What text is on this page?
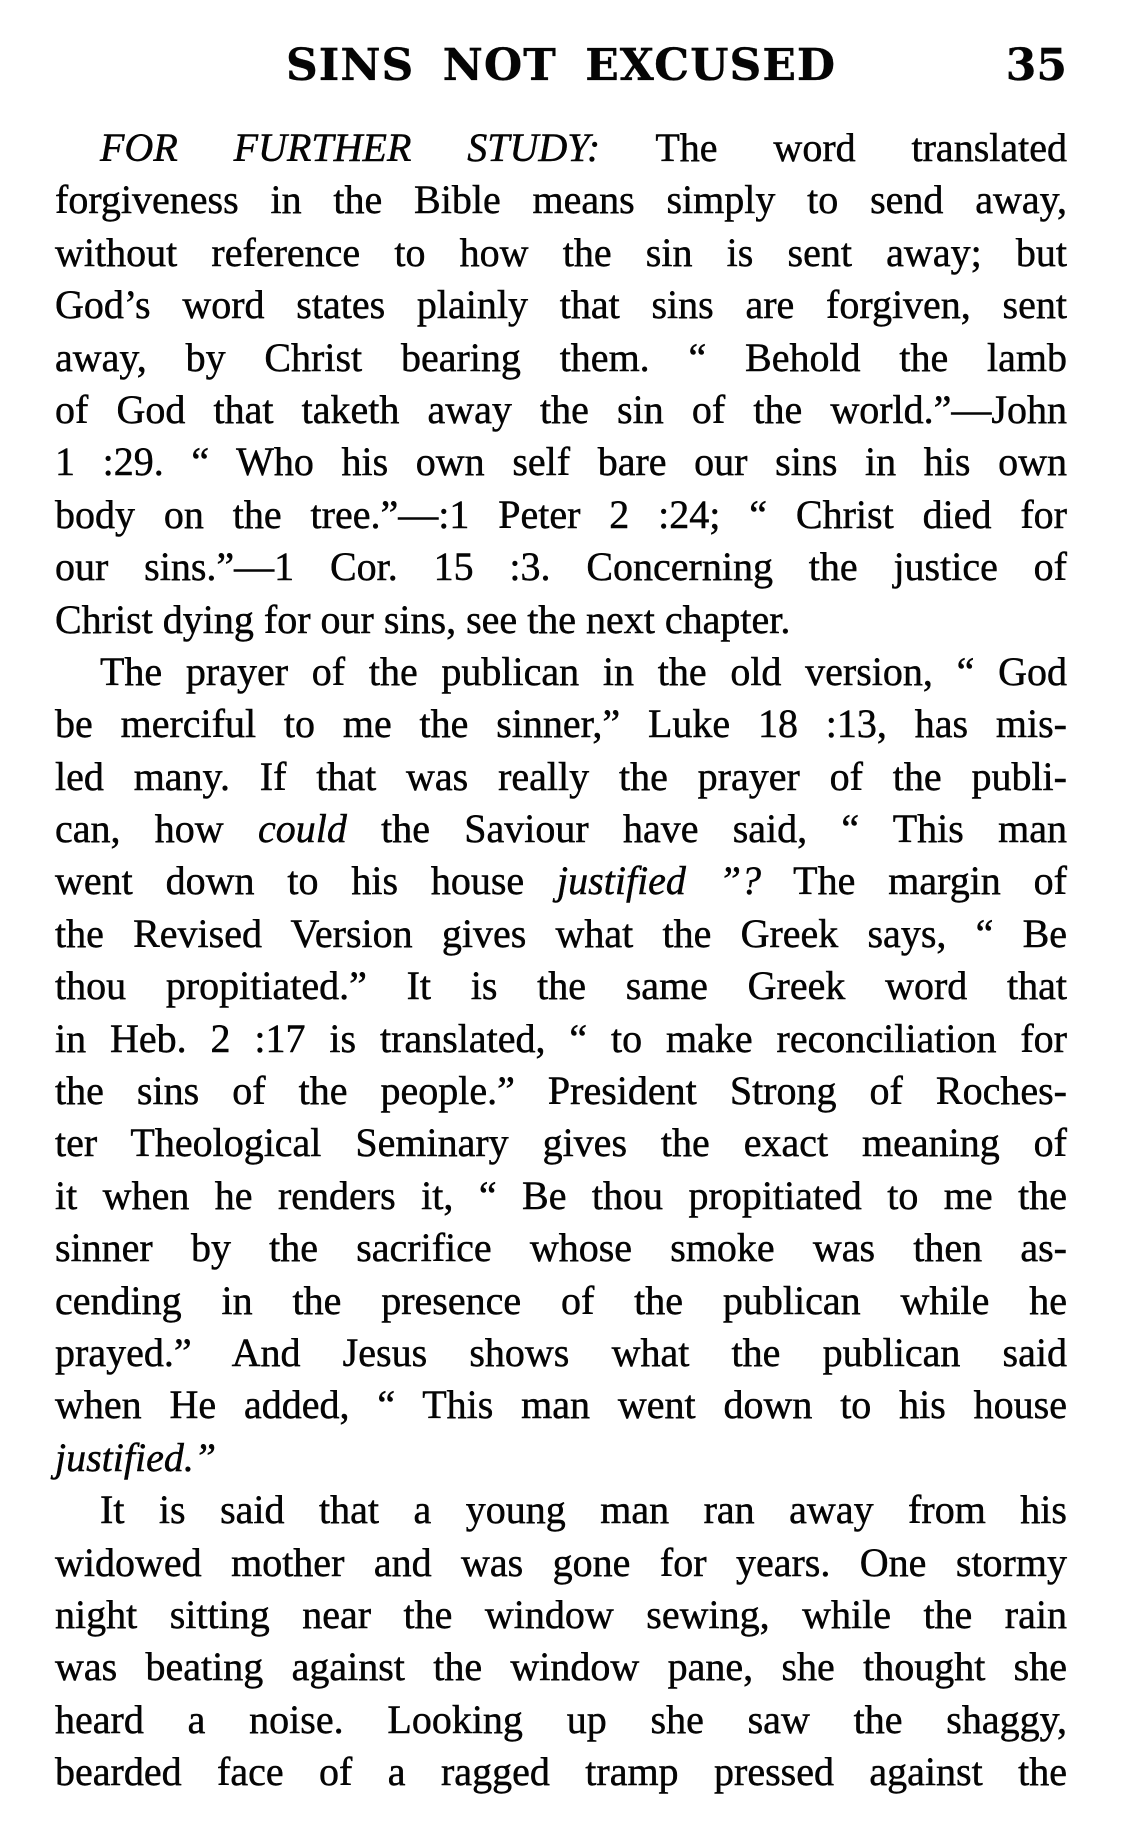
SINS NOT EXCUSED	35
FOR FURTHER STUDY: The word translated
forgiveness in the Bible means simply to send away,
without reference to how the sin is sent away; but
God’s word states plainly that sins are forgiven, sent
away, by Christ bearing them. “ Behold the lamb
of God that taketh away the sin of the world.”—John
1 :29. “ Who his own self bare our sins in his own
body on the tree.”—:1 Peter 2 :24; “ Christ died for
our sins.”—1 Cor. 15 :3. Concerning the justice of
Christ dying for our sins, see the next chapter.
The prayer of the publican in the old version, “ God
be merciful to me the sinner,” Luke 18 :13, has mis-
led many. If that was really the prayer of the publi-
can, how could the Saviour have said, “ This man
went down to his house justified ”? The margin of
the Revised Version gives what the Greek says, “ Be
thou propitiated.” It is the same Greek word that
in Heb. 2 :17 is translated, “ to make reconciliation for
the sins of the people.” President Strong of Roches-
ter Theological Seminary gives the exact meaning of
it when he renders it, “ Be thou propitiated to me the
sinner by the sacrifice whose smoke was then as-
cending in the presence of the publican while he
prayed.” And Jesus shows what the publican said
when He added, “ This man went down to his house
justified.”
It is said that a young man ran away from his
widowed mother and was gone for years. One stormy
night sitting near the window sewing, while the rain
was beating against the window pane, she thought she
heard a noise. Looking up she saw the shaggy,
bearded face of a ragged tramp pressed against the
